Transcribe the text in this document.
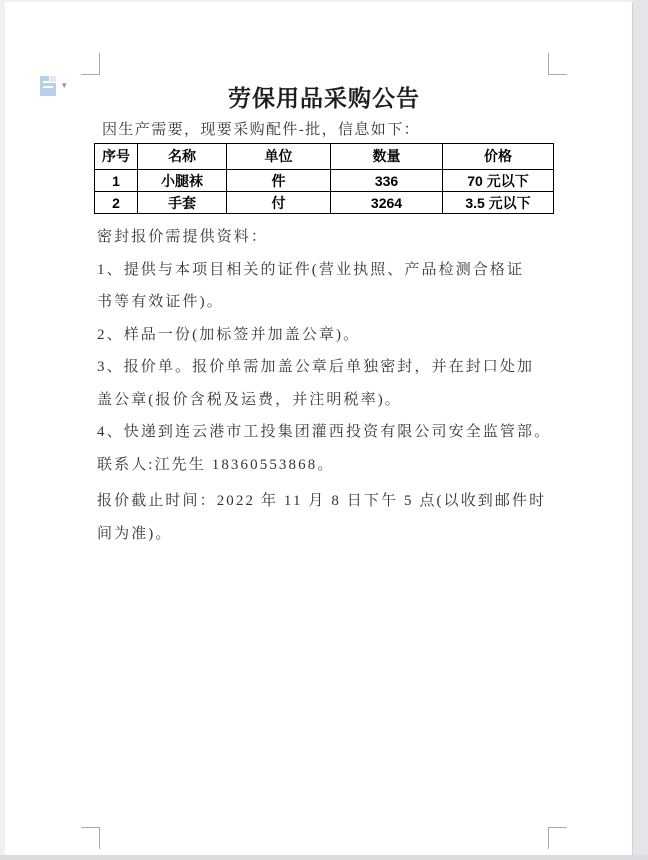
▾	劳保用品采购公告
因生产需要，现要采购配件-批，信息如下：
序号	名称	单位	数量	价格
1	小腿袜	件	336	70 元以下
2	手套	付	3264	3.5 元以下
密封报价需提供资料：
1、提供与本项目相关的证件(营业执照、产品检测合格证
书等有效证件)。
2、样品一份(加标签并加盖公章)。
3、报价单。报价单需加盖公章后单独密封，并在封口处加
盖公章(报价含税及运费，并注明税率)。
4、快递到连云港市工投集团灌西投资有限公司安全监管部。
联系人:江先生 18360553868。
报价截止时间：2022 年 11 月 8 日下午 5 点(以收到邮件时
间为准)。
